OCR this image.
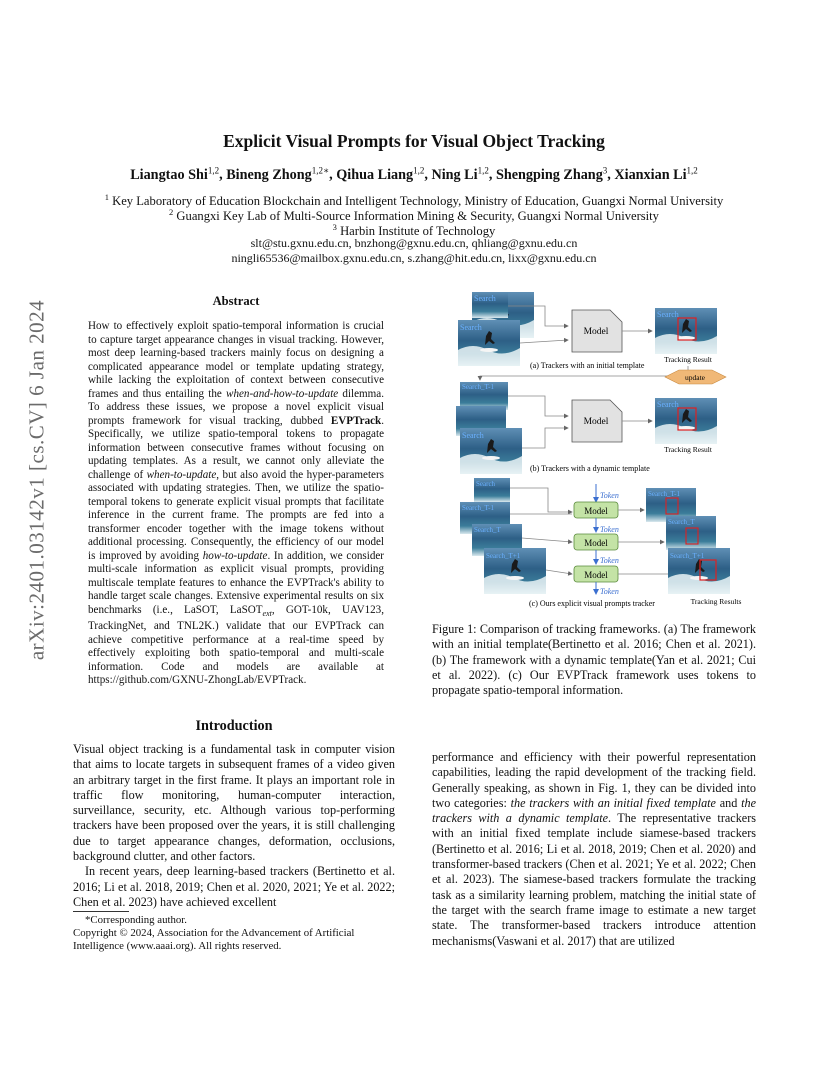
arXiv:2401.03142v1 [cs.CV] 6 Jan 2024
Explicit Visual Prompts for Visual Object Tracking
Liangtao Shi$^{1,2}$, Bineng Zhong$^{1,2∗}$, Qihua Liang$^{1,2}$, Ning Li$^{1,2}$, Shengping Zhang$^3$, Xianxian Li$^{1,2}$
$^1$ Key Laboratory of Education Blockchain and Intelligent Technology, Ministry of Education, Guangxi Normal University
$^2$ Guangxi Key Lab of Multi-Source Information Mining & Security, Guangxi Normal University
$^3$ Harbin Institute of Technology
slt@stu.gxnu.edu.cn, bnzhong@gxnu.edu.cn, qhliang@gxnu.edu.cn
ningli65536@mailbox.gxnu.edu.cn, s.zhang@hit.edu.cn, lixx@gxnu.edu.cn
Abstract

How to effectively exploit spatio-temporal information is crucial to capture target appearance changes in visual tracking. However, most deep learning-based trackers mainly focus on designing a complicated appearance model or template updating strategy, while lacking the exploitation of context between consecutive frames and thus entailing the when-and-how-to-update dilemma. To address these issues, we propose a novel explicit visual prompts framework for visual tracking, dubbed EVPTrack. Specifically, we utilize spatio-temporal tokens to propagate information between consecutive frames without focusing on updating templates. As a result, we cannot only alleviate the challenge of when-to-update, but also avoid the hyper-parameters associated with updating strategies. Then, we utilize the spatio-temporal tokens to generate explicit visual prompts that facilitate inference in the current frame. The prompts are fed into a transformer encoder together with the image tokens without additional processing. Consequently, the efficiency of our model is improved by avoiding how-to-update. In addition, we consider multi-scale information as explicit visual prompts, providing multiscale template features to enhance the EVPTrack's ability to handle target scale changes. Extensive experimental results on six benchmarks (i.e., LaSOT, LaSOT$_{ext}$, GOT-10k, UAV123, TrackingNet, and TNL2K.) validate that our EVPTrack can achieve competitive performance at a real-time speed by effectively exploiting both spatio-temporal and multi-scale information. Code and models are available at https://github.com/GXNU-ZhongLab/EVPTrack.

Introduction

Visual object tracking is a fundamental task in computer vision that aims to locate targets in subsequent frames of a video given an arbitrary target in the first frame. It plays an important role in traffic flow monitoring, human-computer interaction, surveillance, security, etc. Although various top-performing trackers have been proposed over the years, it is still challenging due to target appearance changes, deformation, occlusions, background clutter, and other factors.

In recent years, deep learning-based trackers (Bertinetto et al. 2016; Li et al. 2018, 2019; Chen et al. 2020, 2021; Ye et al. 2022; Chen et al. 2023) have achieved excellent

*Corresponding author.

Copyright © 2024, Association for the Advancement of Artificial Intelligence (www.aaai.org). All rights reserved.

Search
Search	Model
Search
Tracking Result
(a) Trackers with an initial template
update
Search_T-1
Search
Model
Search
Tracking Result
(b) Trackers with a dynamic template
Search
Search_T-1
Search_T
Search_T+1
Token
Model
Token
Model
Token
Model
Token
Search_T-1
Search_T
Search_T+1
(c) Ours explicit visual prompts tracker	Tracking Results
Figure 1: Comparison of tracking frameworks. (a) The framework with an initial template(Bertinetto et al. 2016; Chen et al. 2021). (b) The framework with a dynamic template(Yan et al. 2021; Cui et al. 2022). (c) Our EVPTrack framework uses tokens to propagate spatio-temporal information.

performance and efficiency with their powerful representation capabilities, leading the rapid development of the tracking field. Generally speaking, as shown in Fig. 1, they can be divided into two categories: the trackers with an initial fixed template and the trackers with a dynamic template. The representative trackers with an initial fixed template include siamese-based trackers (Bertinetto et al. 2016; Li et al. 2018, 2019; Chen et al. 2020) and transformer-based trackers (Chen et al. 2021; Ye et al. 2022; Chen et al. 2023). The siamese-based trackers formulate the tracking task as a similarity learning problem, matching the initial state of the target with the search frame image to estimate a new target state. The transformer-based trackers introduce attention mechanisms(Vaswani et al. 2017) that are utilized
